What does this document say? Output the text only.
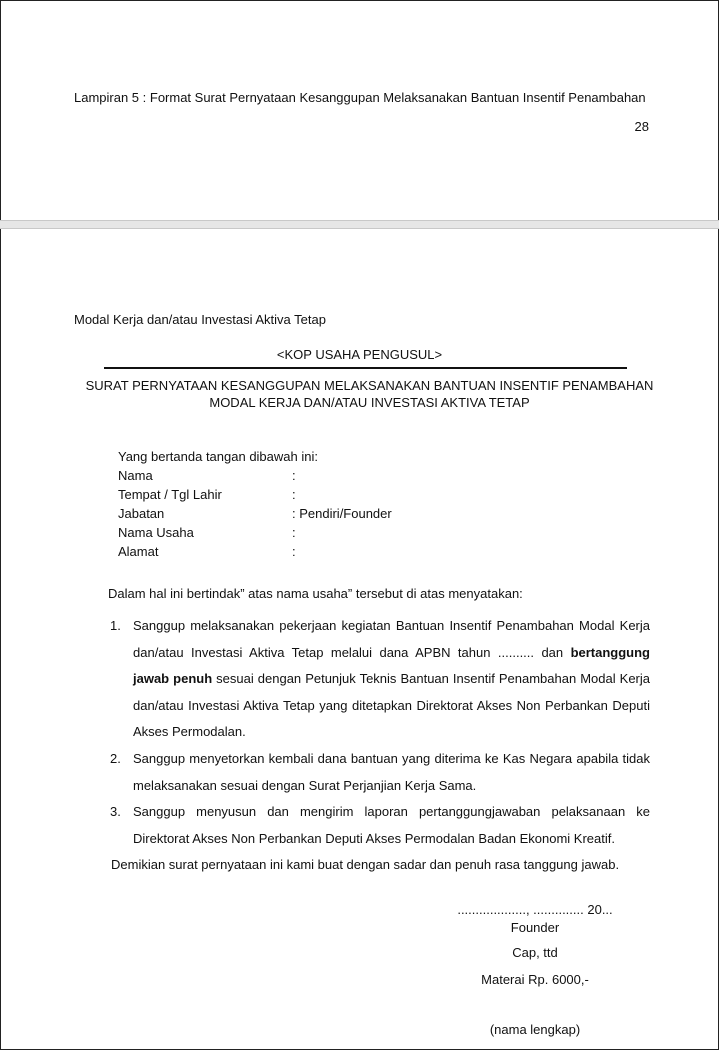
Lampiran 5 : Format Surat Pernyataan Kesanggupan Melaksanakan Bantuan Insentif Penambahan
28
Modal Kerja dan/atau Investasi Aktiva Tetap
<KOP USAHA PENGUSUL>
SURAT PERNYATAAN KESANGGUPAN MELAKSANAKAN BANTUAN INSENTIF PENAMBAHAN
MODAL KERJA DAN/ATAU INVESTASI AKTIVA TETAP
Yang bertanda tangan dibawah ini:
Nama	:
Tempat / Tgl Lahir	:
Jabatan	: Pendiri/Founder
Nama Usaha	:
Alamat	:
Dalam hal ini bertindak” atas nama usaha” tersebut di atas menyatakan:
1. Sanggup melaksanakan pekerjaan kegiatan Bantuan Insentif Penambahan Modal Kerja dan/atau Investasi Aktiva Tetap melalui dana APBN tahun .......... dan bertanggung jawab penuh sesuai dengan Petunjuk Teknis Bantuan Insentif Penambahan Modal Kerja dan/atau Investasi Aktiva Tetap yang ditetapkan Direktorat Akses Non Perbankan Deputi Akses Permodalan.
2. Sanggup menyetorkan kembali dana bantuan yang diterima ke Kas Negara apabila tidak melaksanakan sesuai dengan Surat Perjanjian Kerja Sama.
3. Sanggup menyusun dan mengirim laporan pertanggungjawaban pelaksanaan ke Direktorat Akses Non Perbankan Deputi Akses Permodalan Badan Ekonomi Kreatif.
Demikian surat pernyataan ini kami buat dengan sadar dan penuh rasa tanggung jawab.
..................., .............. 20...
Founder
Cap, ttd
Materai Rp. 6000,-
(nama lengkap)
